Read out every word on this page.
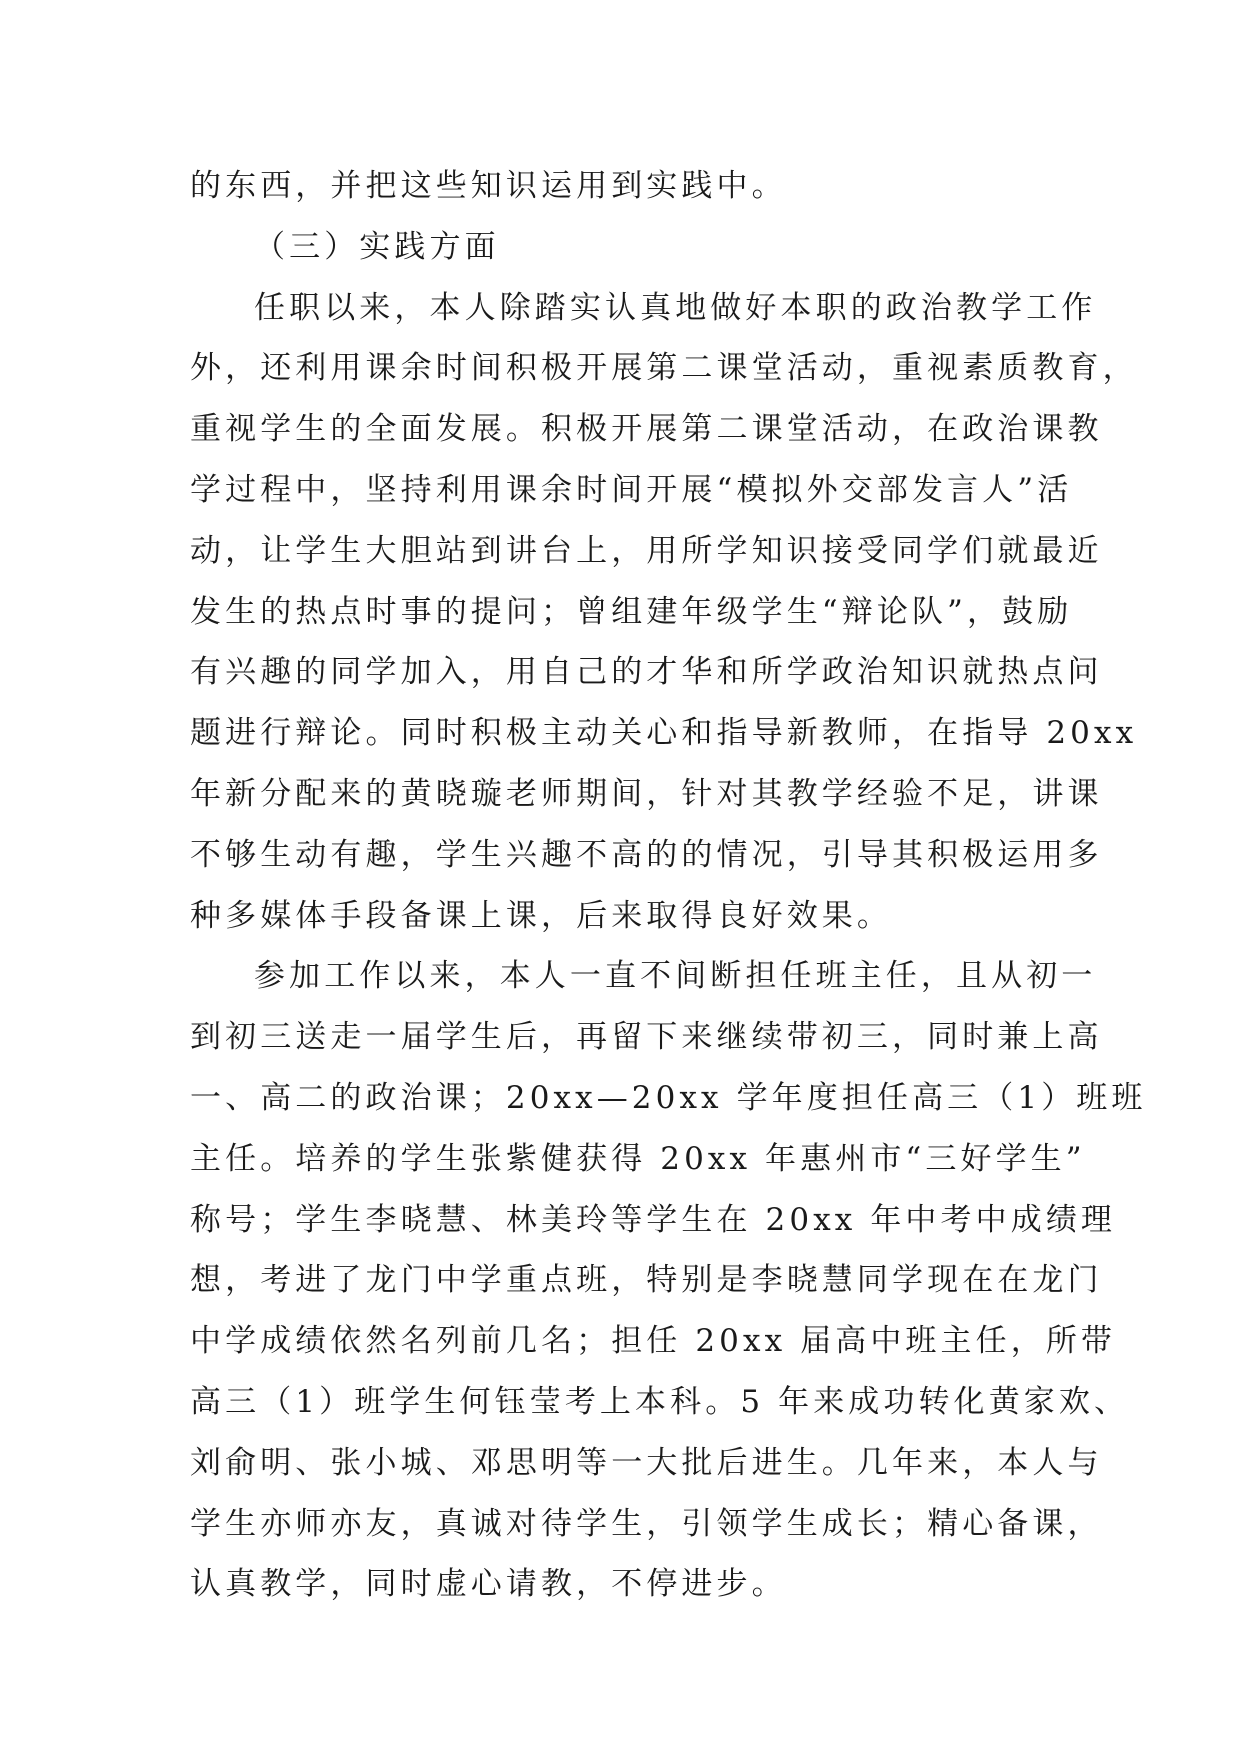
的东西，并把这些知识运用到实践中。
（三）实践方面
任职以来，本人除踏实认真地做好本职的政治教学工作
外，还利用课余时间积极开展第二课堂活动，重视素质教育，
重视学生的全面发展。积极开展第二课堂活动，在政治课教
学过程中，坚持利用课余时间开展“模拟外交部发言人”活
动，让学生大胆站到讲台上，用所学知识接受同学们就最近
发生的热点时事的提问；曾组建年级学生“辩论队”，鼓励
有兴趣的同学加入，用自己的才华和所学政治知识就热点问
题进行辩论。同时积极主动关心和指导新教师，在指导 20xx
年新分配来的黄晓璇老师期间，针对其教学经验不足，讲课
不够生动有趣，学生兴趣不高的的情况，引导其积极运用多
种多媒体手段备课上课，后来取得良好效果。
参加工作以来，本人一直不间断担任班主任，且从初一
到初三送走一届学生后，再留下来继续带初三，同时兼上高
一、高二的政治课；20xx—20xx 学年度担任高三（1）班班
主任。培养的学生张紫健获得 20xx 年惠州市“三好学生”
称号；学生李晓慧、林美玲等学生在 20xx 年中考中成绩理
想，考进了龙门中学重点班，特别是李晓慧同学现在在龙门
中学成绩依然名列前几名；担任 20xx 届高中班主任，所带
高三（1）班学生何钰莹考上本科。5 年来成功转化黄家欢、
刘俞明、张小城、邓思明等一大批后进生。几年来，本人与
学生亦师亦友，真诚对待学生，引领学生成长；精心备课，
认真教学，同时虚心请教，不停进步。
